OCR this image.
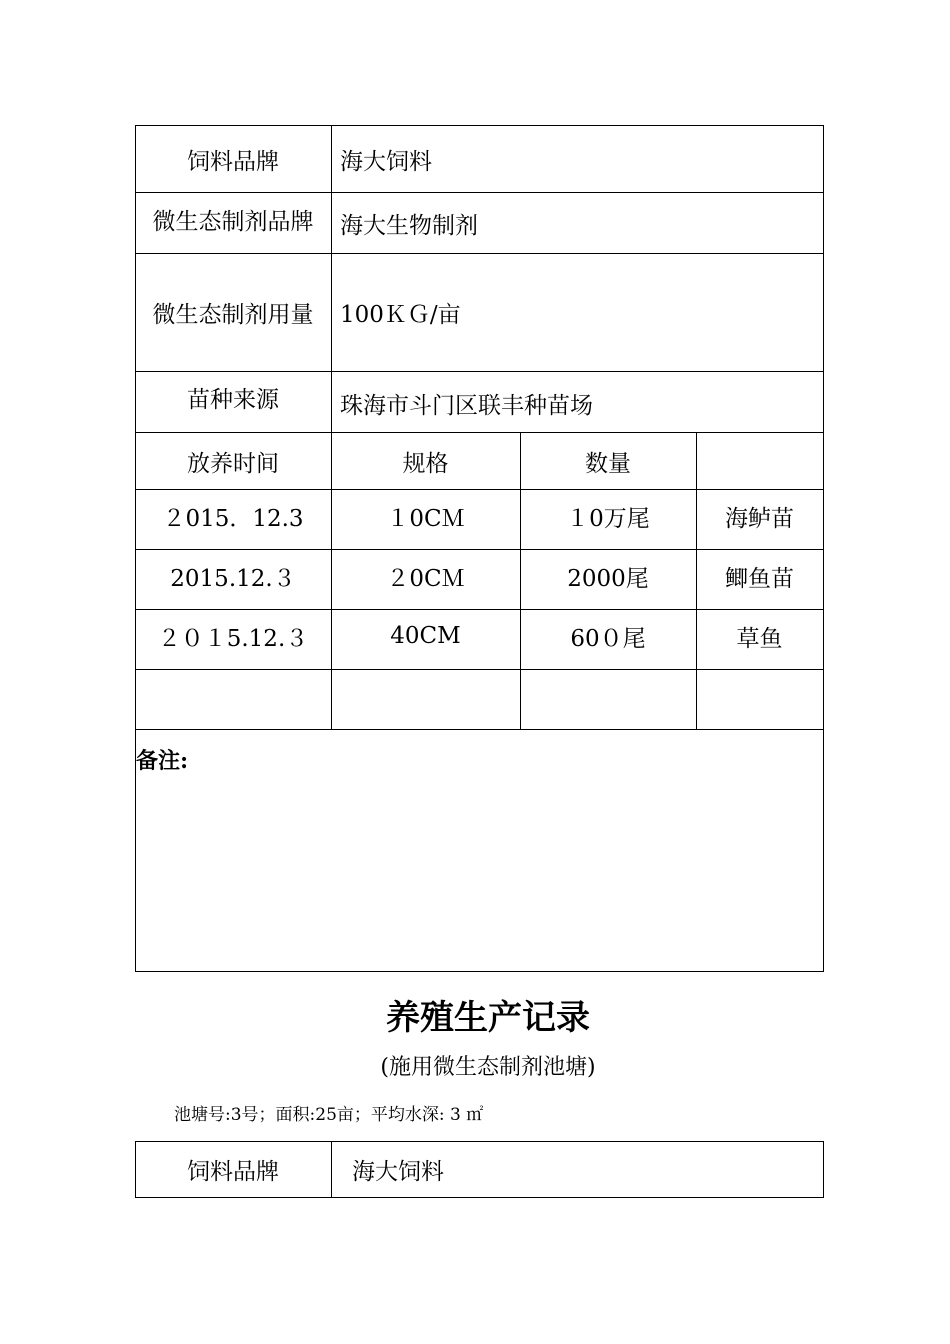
饲料品牌	海大饲料
微生态制剂品牌	海大生物制剂
微生态制剂用量	100ＫＧ/亩
苗种来源	珠海市斗门区联丰种苗场
放养时间	规格	数量
２015．12.3	１0CＭ	１0万尾	海鲈苗
2015.12.３	２0CＭ	2000尾	鲫鱼苗
２０１5.12.３	40CM	60０尾	草鱼
备注:
养殖生产记录
(施用微生态制剂池塘)
池塘号:3号；面积:25亩；平均水深: 3 ㎡
饲料品牌	海大饲料
